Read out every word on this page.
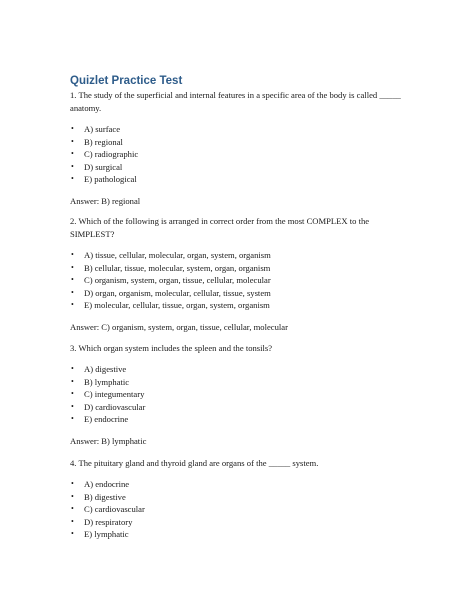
Quizlet Practice Test

1. The study of the superficial and internal features in a specific area of the body is called _____ anatomy.

• A) surface
• B) regional
• C) radiographic
• D) surgical
• E) pathological

Answer: B) regional

2. Which of the following is arranged in correct order from the most COMPLEX to the SIMPLEST?

• A) tissue, cellular, molecular, organ, system, organism
• B) cellular, tissue, molecular, system, organ, organism
• C) organism, system, organ, tissue, cellular, molecular
• D) organ, organism, molecular, cellular, tissue, system
• E) molecular, cellular, tissue, organ, system, organism

Answer: C) organism, system, organ, tissue, cellular, molecular

3. Which organ system includes the spleen and the tonsils?

• A) digestive
• B) lymphatic
• C) integumentary
• D) cardiovascular
• E) endocrine

Answer: B) lymphatic

4. The pituitary gland and thyroid gland are organs of the _____ system.

• A) endocrine
• B) digestive
• C) cardiovascular
• D) respiratory
• E) lymphatic
